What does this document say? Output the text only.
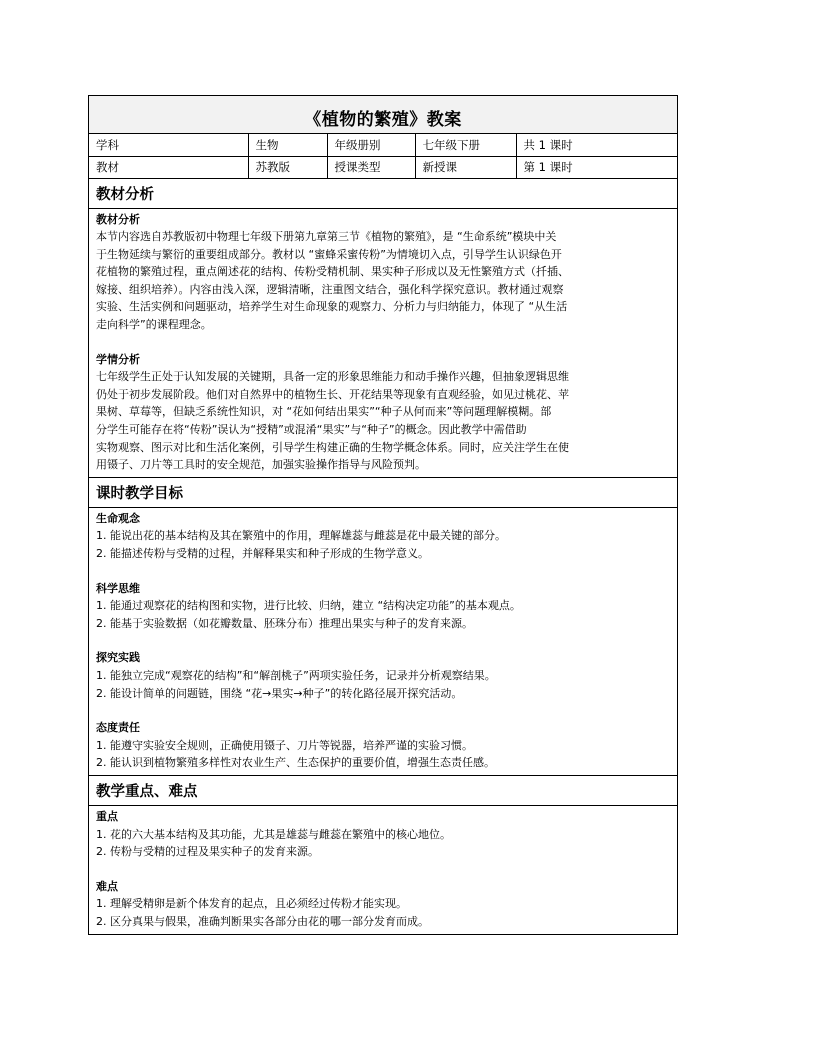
《植物的繁殖》教案
学科	生物	年级册别	七年级下册	共 1 课时
教材	苏教版	授课类型	新授课	第 1 课时
教材分析
教材分析
本节内容选自苏教版初中物理七年级下册第九章第三节《植物的繁殖》，是 “生命系统”模块中关
于生物延续与繁衍的重要组成部分。教材以 “蜜蜂采蜜传粉”为情境切入点，引导学生认识绿色开
花植物的繁殖过程，重点阐述花的结构、传粉受精机制、果实种子形成以及无性繁殖方式（扦插、
嫁接、组织培养）。内容由浅入深，逻辑清晰，注重图文结合，强化科学探究意识。教材通过观察
实验、生活实例和问题驱动，培养学生对生命现象的观察力、分析力与归纳能力，体现了 “从生活
走向科学”的课程理念。
学情分析
七年级学生正处于认知发展的关键期，具备一定的形象思维能力和动手操作兴趣，但抽象逻辑思维
仍处于初步发展阶段。他们对自然界中的植物生长、开花结果等现象有直观经验，如见过桃花、苹
果树、草莓等，但缺乏系统性知识，对 “花如何结出果实”“种子从何而来”等问题理解模糊。部
分学生可能存在将“传粉”误认为“授精”或混淆“果实”与“种子”的概念。因此教学中需借助
实物观察、图示对比和生活化案例，引导学生构建正确的生物学概念体系。同时，应关注学生在使
用镊子、刀片等工具时的安全规范，加强实验操作指导与风险预判。
课时教学目标
生命观念
1. 能说出花的基本结构及其在繁殖中的作用，理解雄蕊与雌蕊是花中最关键的部分。
2. 能描述传粉与受精的过程，并解释果实和种子形成的生物学意义。
科学思维
1. 能通过观察花的结构图和实物，进行比较、归纳，建立 “结构决定功能”的基本观点。
2. 能基于实验数据（如花瓣数量、胚珠分布）推理出果实与种子的发育来源。
探究实践
1. 能独立完成“观察花的结构”和“解剖桃子”两项实验任务，记录并分析观察结果。
2. 能设计简单的问题链，围绕 “花→果实→种子”的转化路径展开探究活动。
态度责任
1. 能遵守实验安全规则，正确使用镊子、刀片等锐器，培养严谨的实验习惯。
2. 能认识到植物繁殖多样性对农业生产、生态保护的重要价值，增强生态责任感。
教学重点、难点
重点
1. 花的六大基本结构及其功能，尤其是雄蕊与雌蕊在繁殖中的核心地位。
2. 传粉与受精的过程及果实种子的发育来源。
难点
1. 理解受精卵是新个体发育的起点，且必须经过传粉才能实现。
2. 区分真果与假果，准确判断果实各部分由花的哪一部分发育而成。
